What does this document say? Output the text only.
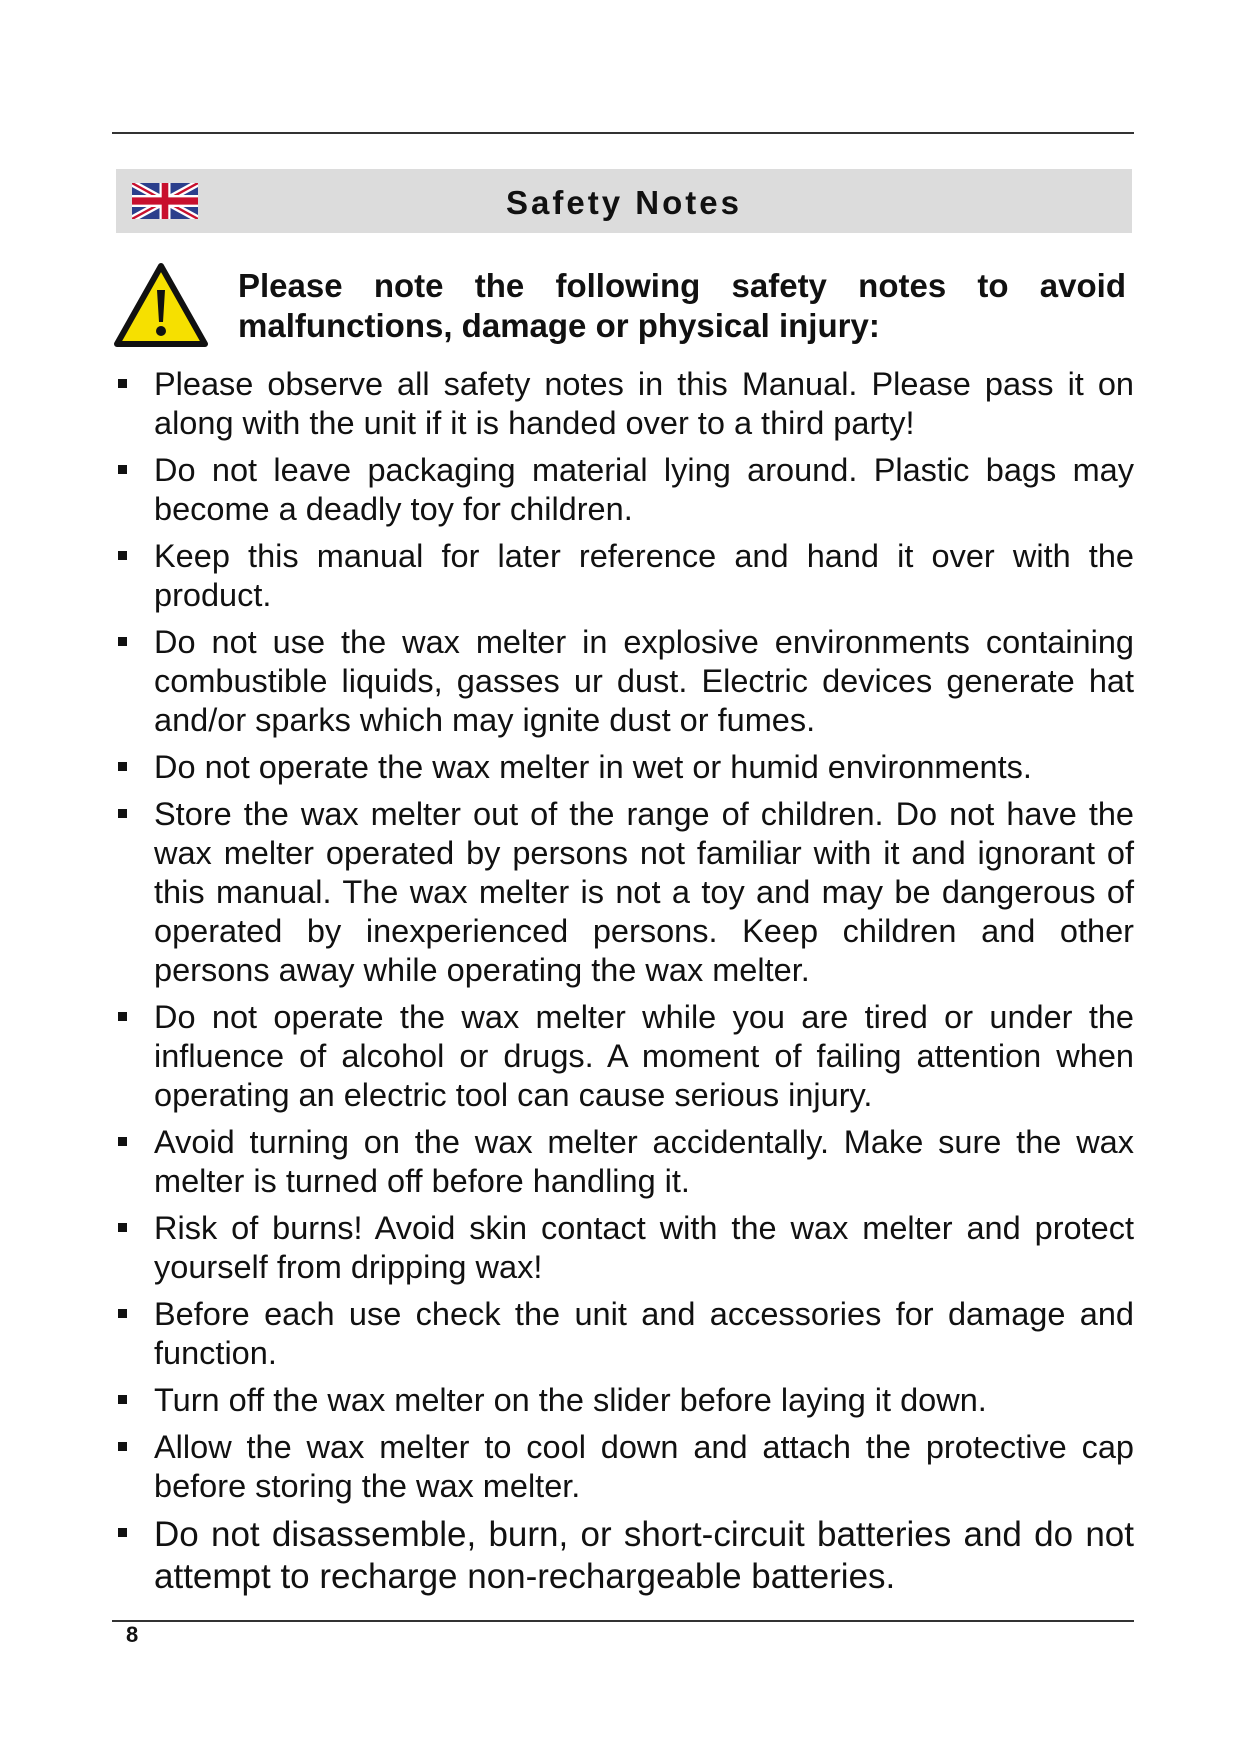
Safety Notes
Please note the following safety notes to avoid malfunctions, damage or physical injury:
Please observe all safety notes in this Manual. Please pass it on along with the unit if it is handed over to a third party!
Do not leave packaging material lying around. Plastic bags may become a deadly toy for children.
Keep this manual for later reference and hand it over with the product.
Do not use the wax melter in explosive environments containing combustible liquids, gasses ur dust. Electric devices generate hat and/or sparks which may ignite dust or fumes.
Do not operate the wax melter in wet or humid environments.
Store the wax melter out of the range of children. Do not have the wax melter operated by persons not familiar with it and ignorant of this manual. The wax melter is not a toy and may be dangerous of operated by inexperienced persons. Keep children and other persons away while operating the wax melter.
Do not operate the wax melter while you are tired or under the influence of alcohol or drugs. A moment of failing attention when operating an electric tool can cause serious injury.
Avoid turning on the wax melter accidentally. Make sure the wax melter is turned off before handling it.
Risk of burns! Avoid skin contact with the wax melter and protect yourself from dripping wax!
Before each use check the unit and accessories for damage and function.
Turn off the wax melter on the slider before laying it down.
Allow the wax melter to cool down and attach the protective cap before storing the wax melter.
Do not disassemble, burn, or short-circuit batteries and do not attempt to recharge non-rechargeable batteries.
8
